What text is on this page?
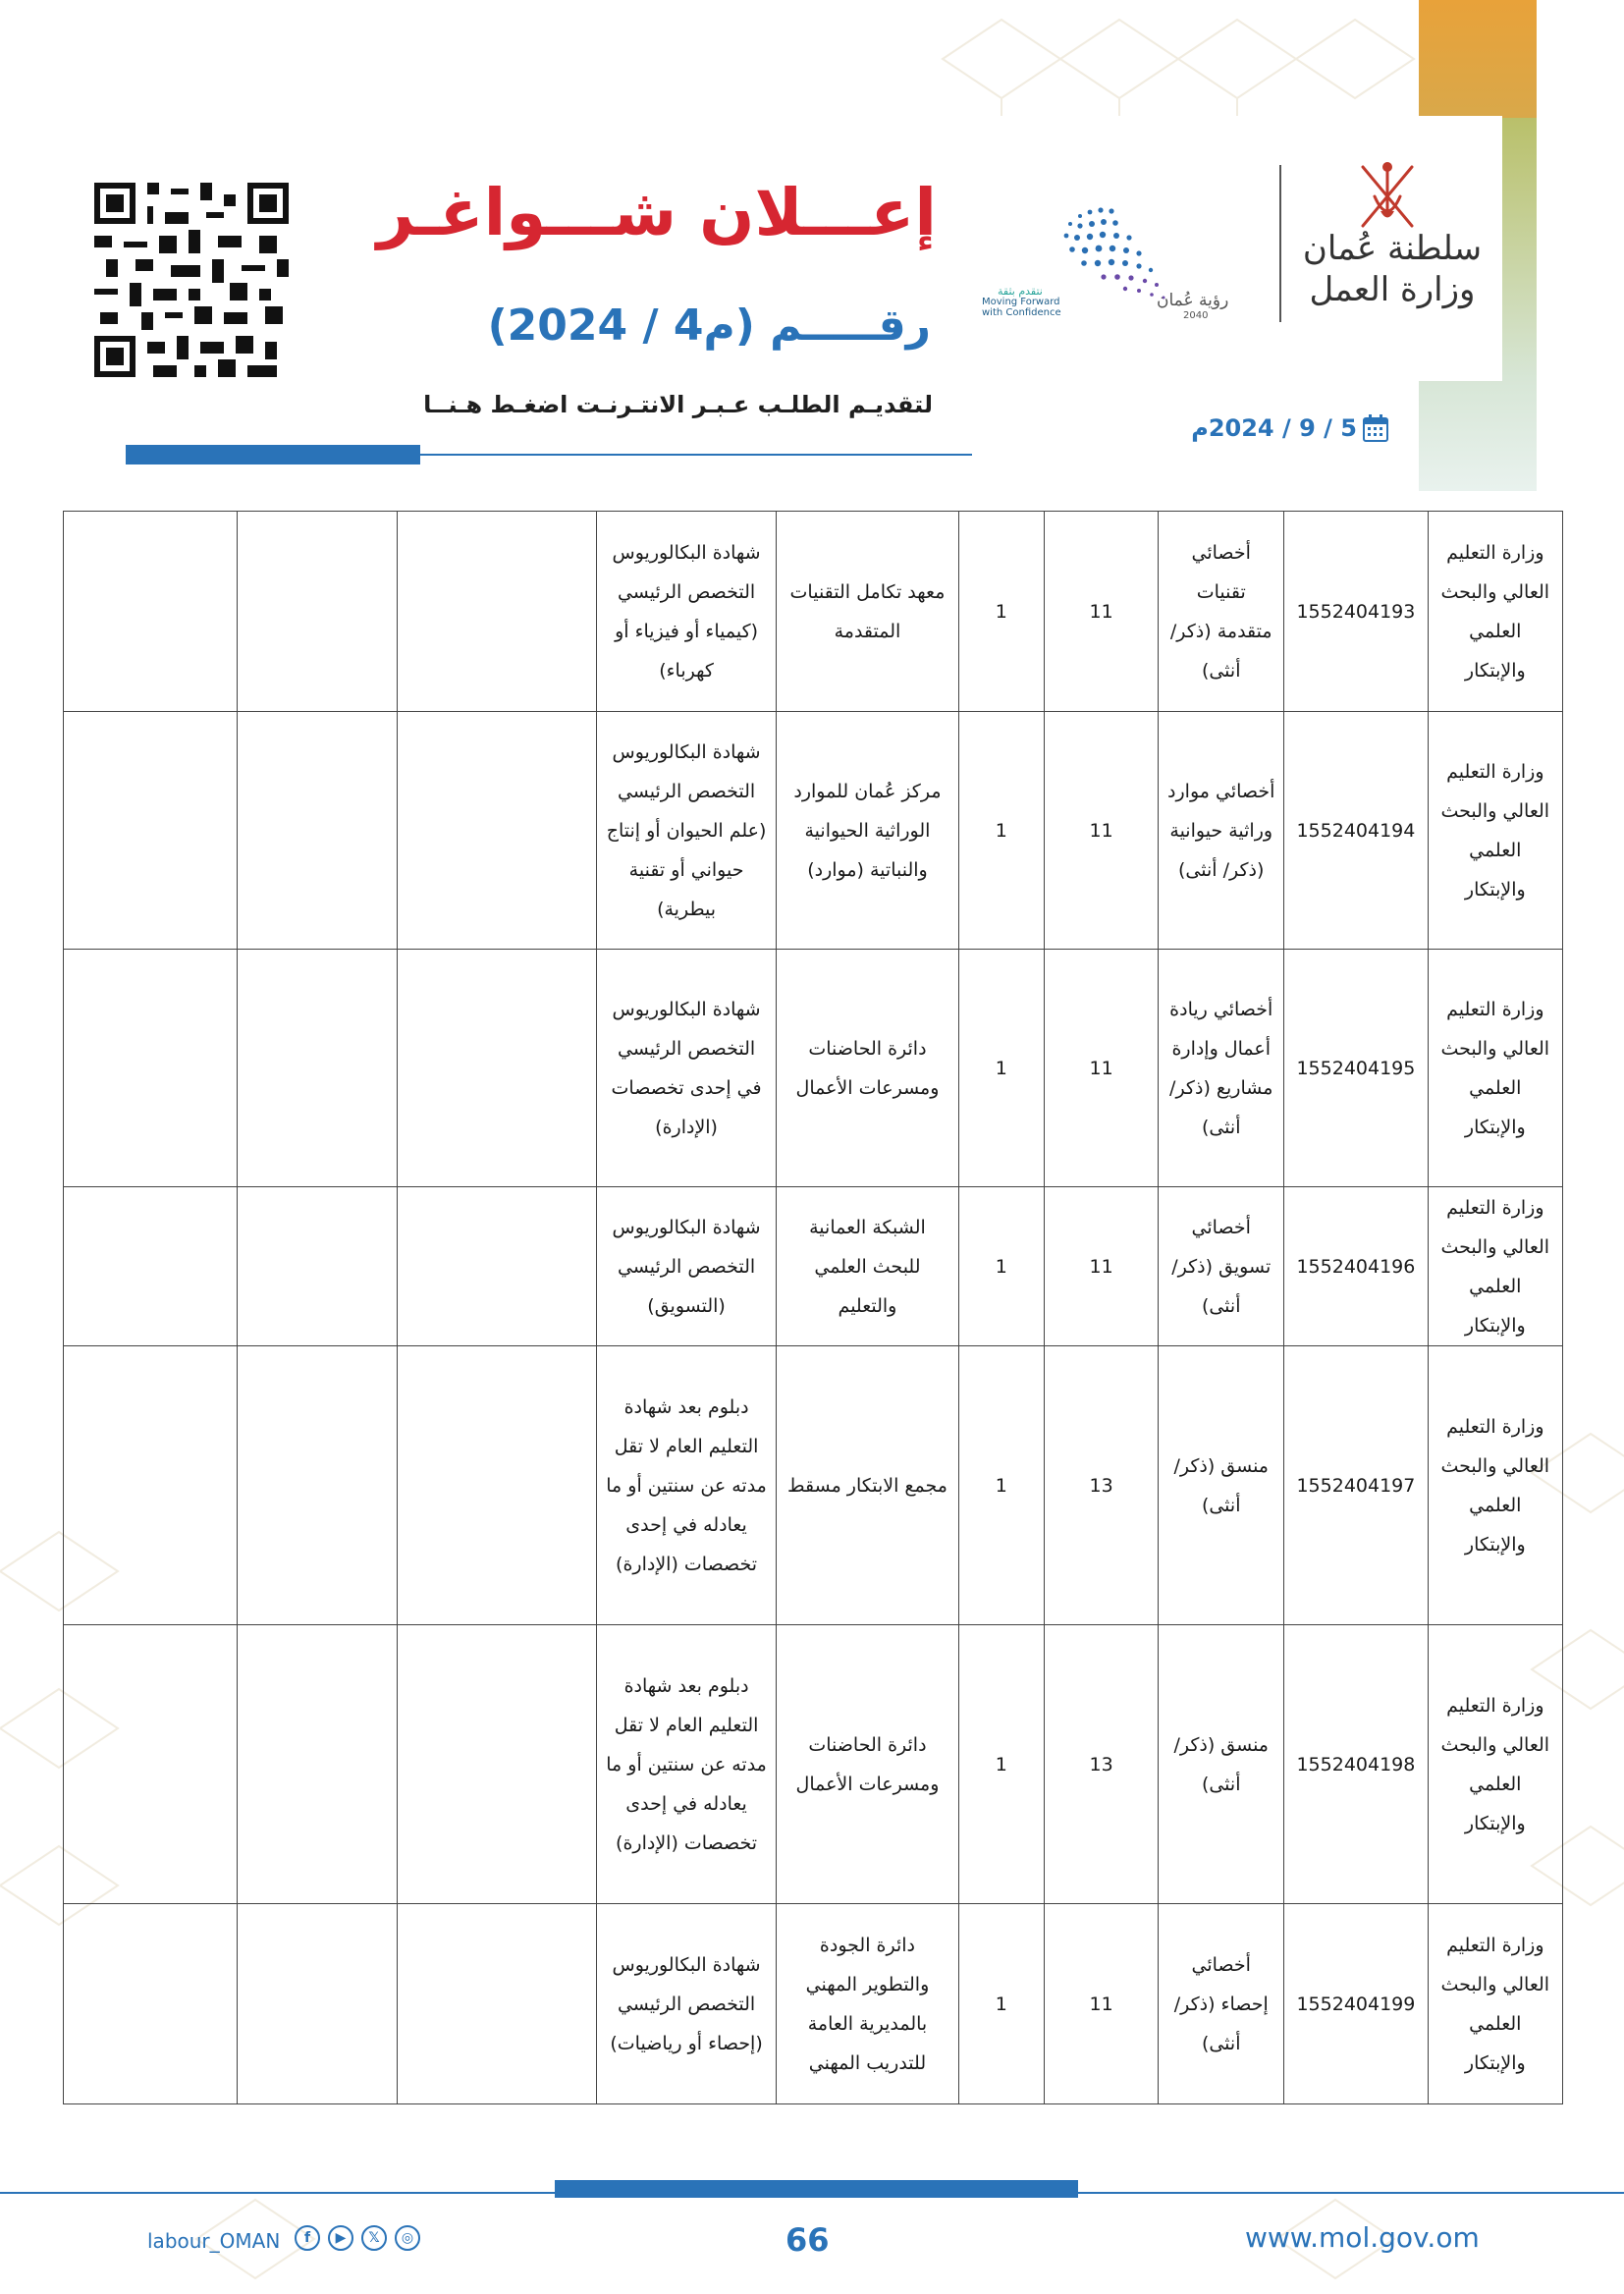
إعـــلان شـــواغـر
رقـــــم (م4 / 2024)
لتقديـم الطلـب عـبـر الانتـرنـت اضغـط هـنــا
5 / 9 / 2024م
نتقدم بثقة
Moving Forward
with Confidence
رؤية عُمان
2040
سلطنة عُمان
وزارة العمل
وزارة التعليم العالي والبحث العلمي والإبتكار	1552404193	أخصائي تقنيات متقدمة (ذكر/ أنثى)	11	1	معهد تكامل التقنيات المتقدمة	شهادة البكالوريوس التخصص الرئيسي (كيمياء أو فيزياء أو كهرباء)			
وزارة التعليم العالي والبحث العلمي والإبتكار	1552404194	أخصائي موارد وراثية حيوانية (ذكر/ أنثى)	11	1	مركز عُمان للموارد الوراثية الحيوانية والنباتية (موارد)	شهادة البكالوريوس التخصص الرئيسي (علم الحيوان أو إنتاج حيواني أو تقنية بيطرية)			
وزارة التعليم العالي والبحث العلمي والإبتكار	1552404195	أخصائي ريادة أعمال وإدارة مشاريع (ذكر/ أنثى)	11	1	دائرة الحاضنات ومسرعات الأعمال	شهادة البكالوريوس التخصص الرئيسي في إحدى تخصصات (الإدارة)			
وزارة التعليم العالي والبحث العلمي والإبتكار	1552404196	أخصائي تسويق (ذكر/ أنثى)	11	1	الشبكة العمانية للبحث العلمي والتعليم	شهادة البكالوريوس التخصص الرئيسي (التسويق)			
وزارة التعليم العالي والبحث العلمي والإبتكار	1552404197	منسق (ذكر/ أنثى)	13	1	مجمع الابتكار مسقط	دبلوم بعد شهادة التعليم العام لا تقل مدته عن سنتين أو ما يعادله في إحدى تخصصات (الإدارة)			
وزارة التعليم العالي والبحث العلمي والإبتكار	1552404198	منسق (ذكر/ أنثى)	13	1	دائرة الحاضنات ومسرعات الأعمال	دبلوم بعد شهادة التعليم العام لا تقل مدته عن سنتين أو ما يعادله في إحدى تخصصات (الإدارة)			
وزارة التعليم العالي والبحث العلمي والإبتكار	1552404199	أخصائي إحصاء (ذكر/أنثى)	11	1	دائرة الجودة والتطوير المهني بالمديرية العامة للتدريب المهني	شهادة البكالوريوس التخصص الرئيسي (إحصاء أو رياضيات)			
66	www.mol.gov.om
labour_OMAN	f	▶	𝕏	◎
